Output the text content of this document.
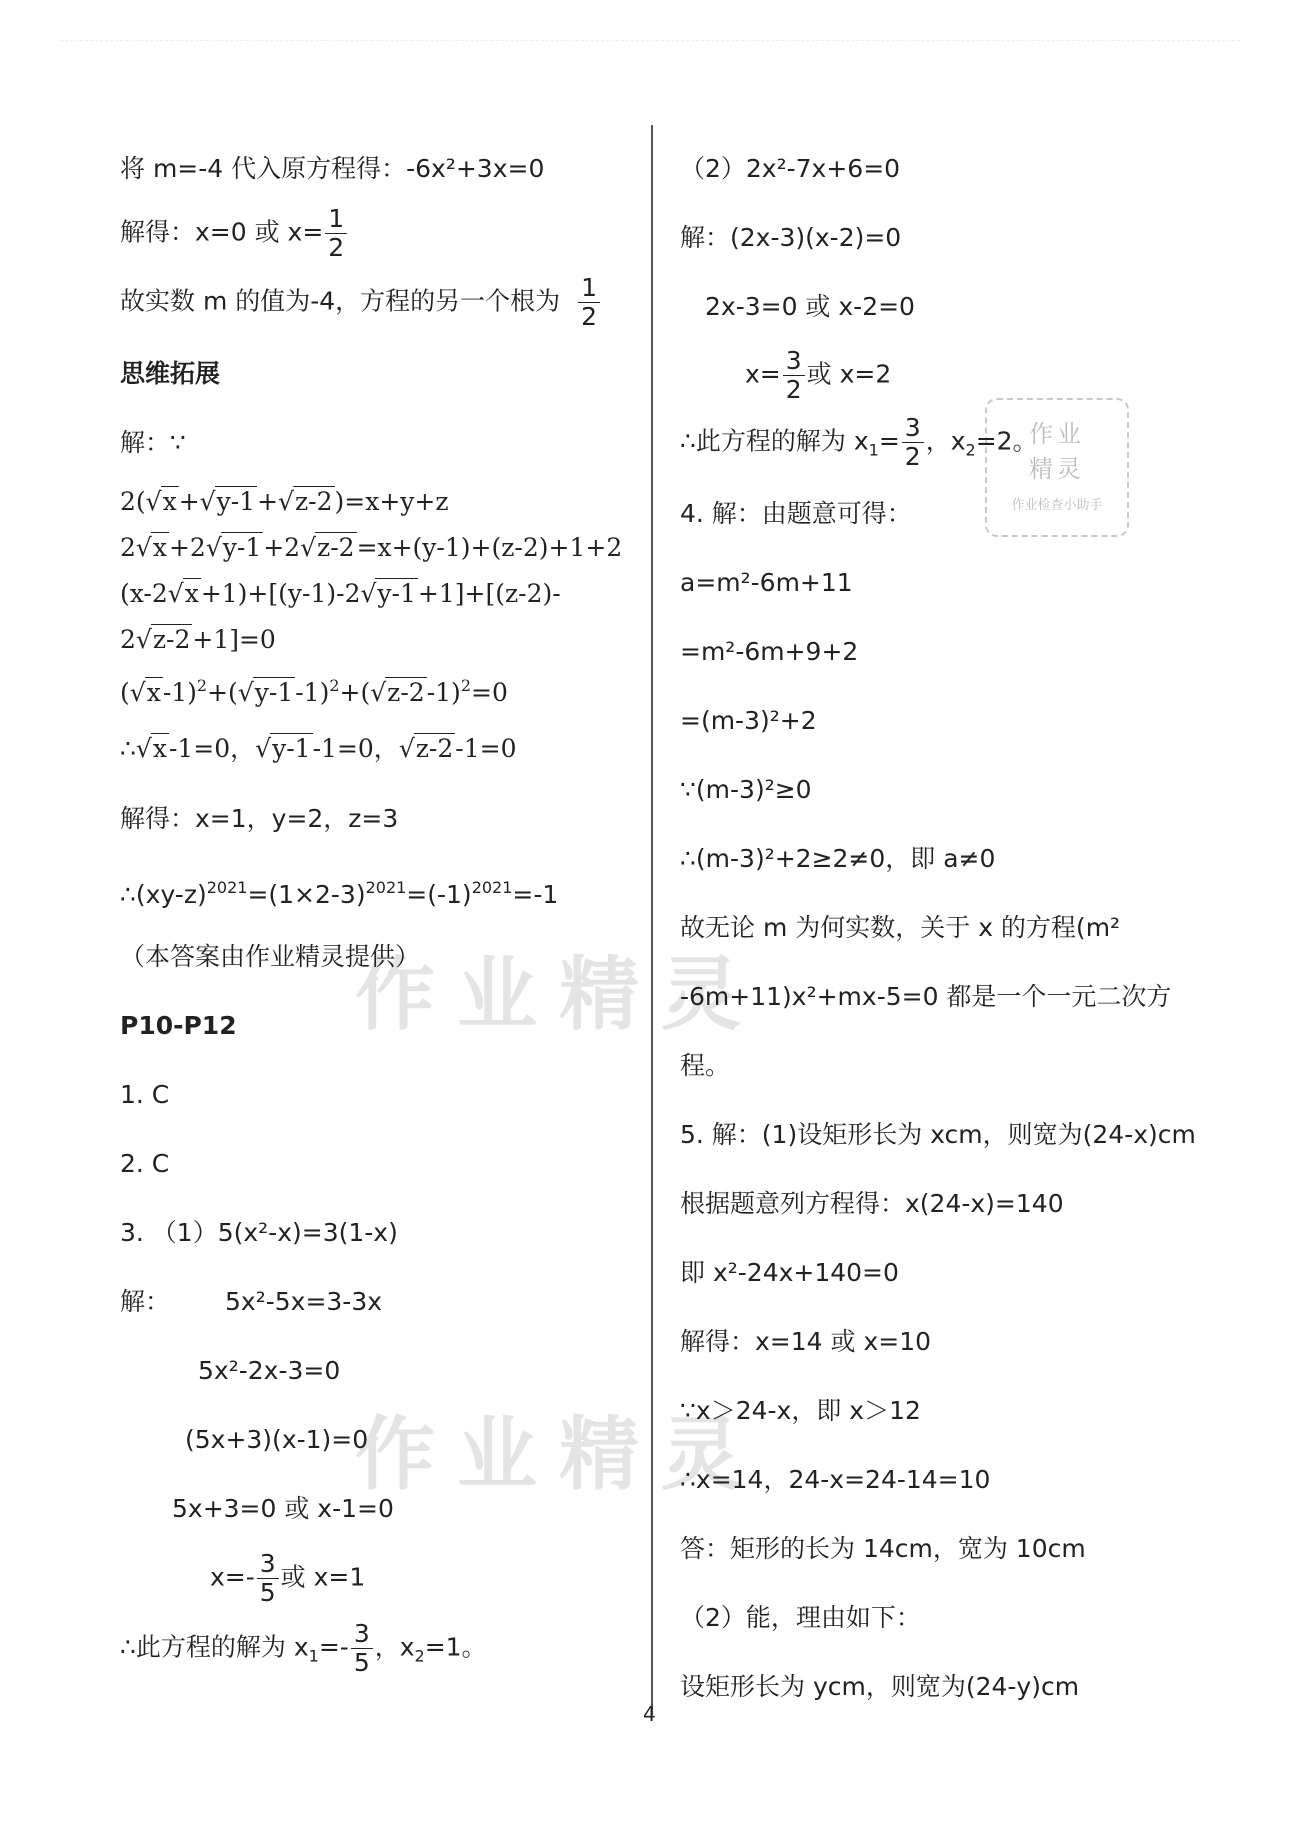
作业精灵
作业精灵
作业
精灵
作业检查小助手
将 m=-4 代入原方程得：-6x²+3x=0
解得：x=0 或 $x= \frac{1}{2}$
故实数 m 的值为-4，方程的另一个根为 $\frac{1}{2}$
思维拓展
解：∵
2(√x+√y-1+√z-2)=x+y+z
2√x+2√y-1+2√z-2=x+(y-1)+(z-2)+1+2
(x-2√x+1)+[(y-1)-2√y-1+1]+[(z-2)-
2√z-2+1]=0
$(√x-1)^2+(√y-1-1)^2+(√z-2-1)^2=0$
∴√x-1=0，√y-1-1=0，√z-2-1=0
解得：x=1，y=2，z=3
$\therefore(xy-z)^{2021}=(1\times 2-3)^{2021}=(-1)^{2021}=-1$
（本答案由作业精灵提供）
P10-P12
1. C
2. C
3. （1）5(x²-x)=3(1-x)
解： 5x²-5x=3-3x
5x²-2x-3=0
(5x+3)(x-1)=0
5x+3=0 或 x-1=0
$x=- \frac{3}{5}$ 或 x=1
∴此方程的解为 $x_1=- \frac{3}{5}$ ，$x_2=1$。
（2）2x²-7x+6=0
解：(2x-3)(x-2)=0
2x-3=0 或 x-2=0
$x= \frac{3}{2}$ 或 x=2
∴此方程的解为 $x_1= \frac{3}{2}$ ，$x_2=2$。
4. 解：由题意可得：
a=m²-6m+11
=m²-6m+9+2
=(m-3)²+2
∵(m-3)²≥0
∴(m-3)²+2≥2≠0，即 a≠0
故无论 m 为何实数，关于 x 的方程(m²
-6m+11)x²+mx-5=0 都是一个一元二次方
程。
5. 解：(1)设矩形长为 xcm，则宽为(24-x)cm
根据题意列方程得：x(24-x)=140
即 x²-24x+140=0
解得：x=14 或 x=10
∵x＞24-x，即 x＞12
∴x=14，24-x=24-14=10
答：矩形的长为 14cm，宽为 10cm
（2）能，理由如下：
设矩形长为 ycm，则宽为(24-y)cm
4
